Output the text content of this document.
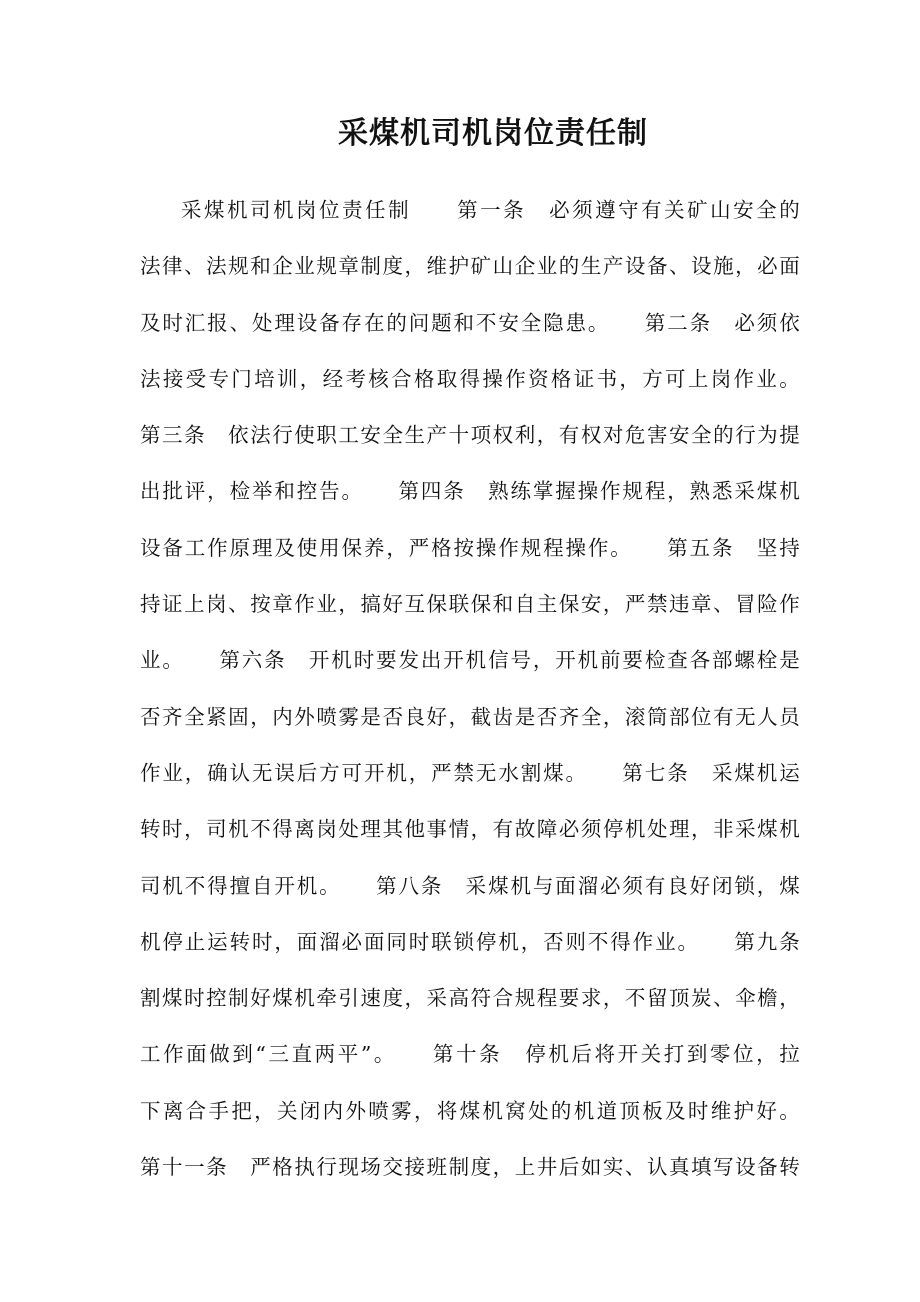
采煤机司机岗位责任制
采煤机司机岗位责任制　　第一条　必须遵守有关矿山安全的
法律、法规和企业规章制度，维护矿山企业的生产设备、设施，必面
及时汇报、处理设备存在的问题和不安全隐患。　　第二条　必须依
法接受专门培训，经考核合格取得操作资格证书，方可上岗作业。
第三条　依法行使职工安全生产十项权利，有权对危害安全的行为提
出批评，检举和控告。　　第四条　熟练掌握操作规程，熟悉采煤机
设备工作原理及使用保养，严格按操作规程操作。　　第五条　坚持
持证上岗、按章作业，搞好互保联保和自主保安，严禁违章、冒险作
业。　　第六条　开机时要发出开机信号，开机前要检查各部螺栓是
否齐全紧固，内外喷雾是否良好，截齿是否齐全，滚筒部位有无人员
作业，确认无误后方可开机，严禁无水割煤。　　第七条　采煤机运
转时，司机不得离岗处理其他事情，有故障必须停机处理，非采煤机
司机不得擅自开机。　　第八条　采煤机与面溜必须有良好闭锁，煤
机停止运转时，面溜必面同时联锁停机，否则不得作业。　　第九条
割煤时控制好煤机牵引速度，采高符合规程要求，不留顶炭、伞檐，
工作面做到“三直两平”。　　第十条　停机后将开关打到零位，拉
下离合手把，关闭内外喷雾，将煤机窝处的机道顶板及时维护好。
第十一条　严格执行现场交接班制度，上井后如实、认真填写设备转
